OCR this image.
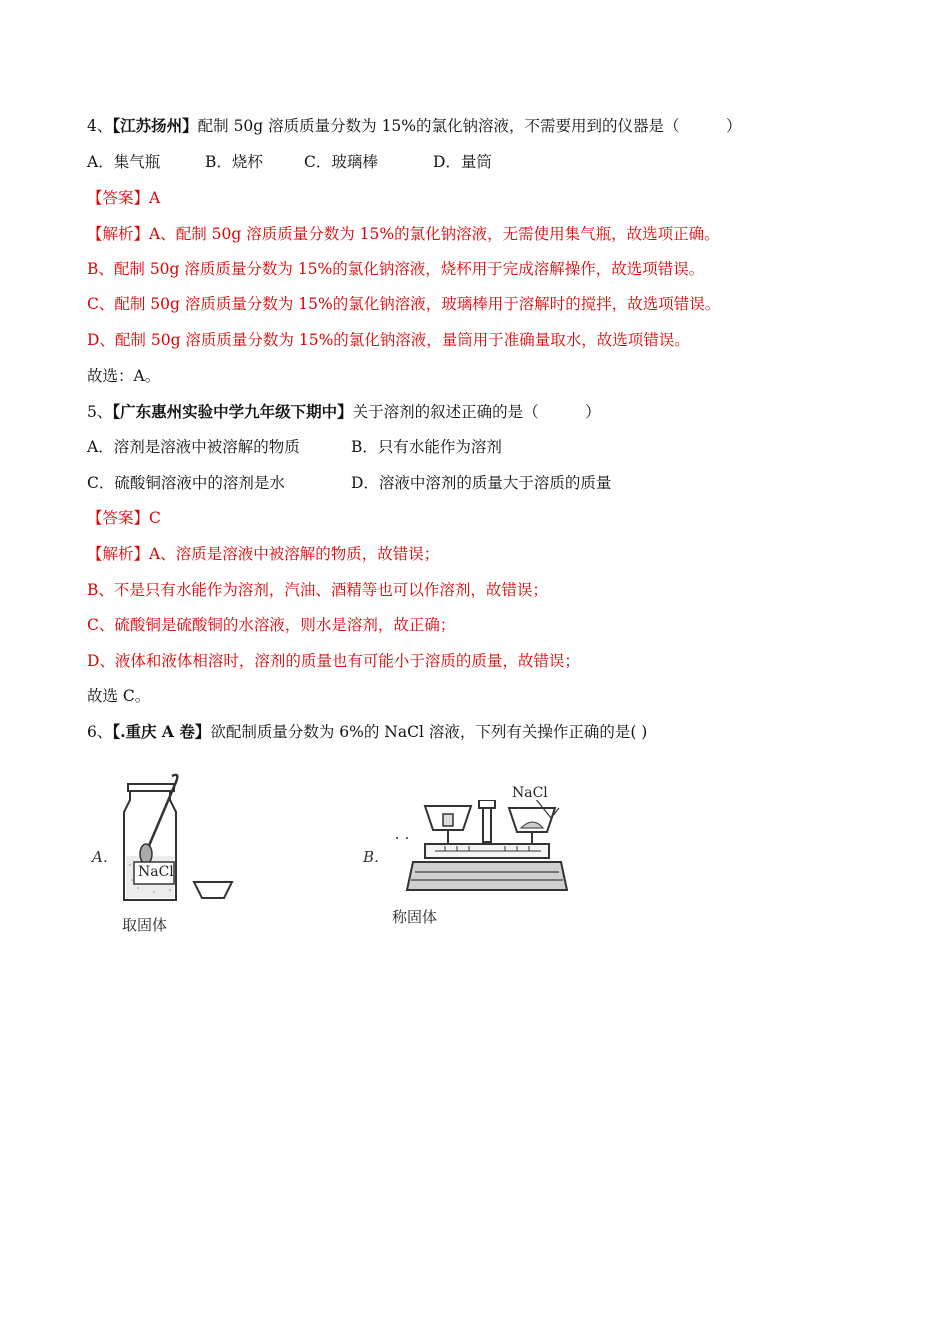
4、【江苏扬州】配制 50g 溶质质量分数为 15%的氯化钠溶液，不需要用到的仪器是（　　　）
A．集气瓶	B．烧杯	C．玻璃棒	D．量筒
【答案】A
【解析】A、配制 50g 溶质质量分数为 15%的氯化钠溶液，无需使用集气瓶，故选项正确。
B、配制 50g 溶质质量分数为 15%的氯化钠溶液，烧杯用于完成溶解操作，故选项错误。
C、配制 50g 溶质质量分数为 15%的氯化钠溶液，玻璃棒用于溶解时的搅拌，故选项错误。
D、配制 50g 溶质质量分数为 15%的氯化钠溶液，量筒用于准确量取水，故选项错误。
故选：A。
5、【广东惠州实验中学九年级下期中】关于溶剂的叙述正确的是（　　　）
A．溶剂是溶液中被溶解的物质	B．只有水能作为溶剂
C．硫酸铜溶液中的溶剂是水	D．溶液中溶剂的质量大于溶质的质量
【答案】C
【解析】A、溶质是溶液中被溶解的物质，故错误；
B、不是只有水能作为溶剂，汽油、酒精等也可以作溶剂，故错误；
C、硫酸铜是硫酸铜的水溶液，则水是溶剂，故正确；
D、液体和液体相溶时，溶剂的质量也有可能小于溶质的质量，故错误；
故选 C。
6、【.重庆 A 卷】欲配制质量分数为 6%的 NaCl 溶液，下列有关操作正确的是( )
A．
NaCl
取固体
B．
NaCl
称固体
